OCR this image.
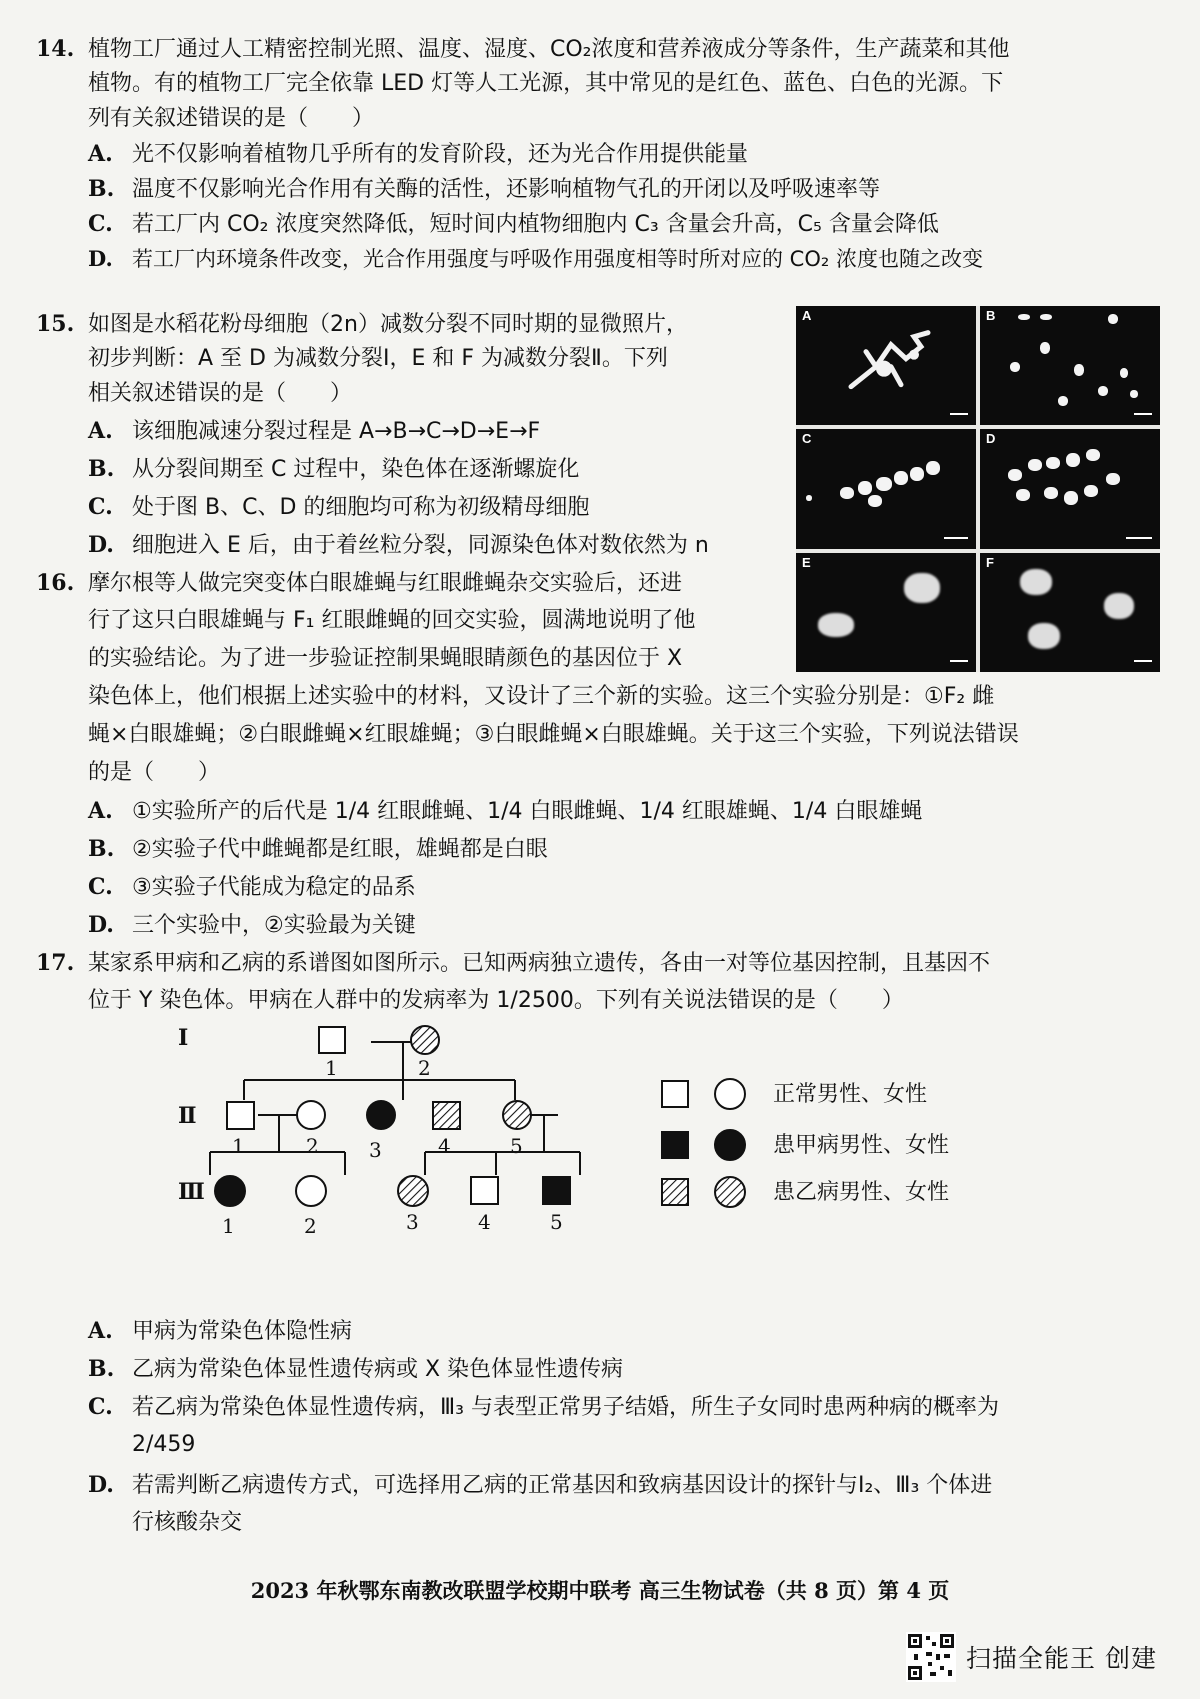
14. 植物工厂通过人工精密控制光照、温度、湿度、CO₂浓度和营养液成分等条件，生产蔬菜和其他
植物。有的植物工厂完全依靠 LED 灯等人工光源，其中常见的是红色、蓝色、白色的光源。下
列有关叙述错误的是（　　）
A. 光不仅影响着植物几乎所有的发育阶段，还为光合作用提供能量
B. 温度不仅影响光合作用有关酶的活性，还影响植物气孔的开闭以及呼吸速率等
C. 若工厂内 CO₂ 浓度突然降低，短时间内植物细胞内 C₃ 含量会升高，C₅ 含量会降低
D. 若工厂内环境条件改变，光合作用强度与呼吸作用强度相等时所对应的 CO₂ 浓度也随之改变
15. 如图是水稻花粉母细胞（2n）减数分裂不同时期的显微照片，
初步判断：A 至 D 为减数分裂Ⅰ，E 和 F 为减数分裂Ⅱ。下列
相关叙述错误的是（　　）
A. 该细胞减速分裂过程是 A→B→C→D→E→F
B. 从分裂间期至 C 过程中，染色体在逐渐螺旋化
C. 处于图 B、C、D 的细胞均可称为初级精母细胞
D. 细胞进入 E 后，由于着丝粒分裂，同源染色体对数依然为 n
A	B
C	D
E	F
16. 摩尔根等人做完突变体白眼雄蝇与红眼雌蝇杂交实验后，还进
行了这只白眼雄蝇与 F₁ 红眼雌蝇的回交实验，圆满地说明了他
的实验结论。为了进一步验证控制果蝇眼睛颜色的基因位于 X
染色体上，他们根据上述实验中的材料，又设计了三个新的实验。这三个实验分别是：①F₂ 雌
蝇×白眼雄蝇；②白眼雌蝇×红眼雄蝇；③白眼雌蝇×白眼雄蝇。关于这三个实验，下列说法错误
的是（　　）
A. ①实验所产的后代是 1/4 红眼雌蝇、1/4 白眼雌蝇、1/4 红眼雄蝇、1/4 白眼雄蝇
B. ②实验子代中雌蝇都是红眼，雄蝇都是白眼
C. ③实验子代能成为稳定的品系
D. 三个实验中，②实验最为关键
17. 某家系甲病和乙病的系谱图如图所示。已知两病独立遗传，各由一对等位基因控制，且基因不
位于 Y 染色体。甲病在人群中的发病率为 1/2500。下列有关说法错误的是（　　）
Ⅰ
Ⅱ
Ⅲ
1	2
1	2	3	4	5
1	2	3	4	5
正常男性、女性
患甲病男性、女性
患乙病男性、女性
A. 甲病为常染色体隐性病
B. 乙病为常染色体显性遗传病或 X 染色体显性遗传病
C. 若乙病为常染色体显性遗传病，Ⅲ₃ 与表型正常男子结婚，所生子女同时患两种病的概率为
2/459
D. 若需判断乙病遗传方式，可选择用乙病的正常基因和致病基因设计的探针与Ⅰ₂、Ⅲ₃ 个体进
行核酸杂交
2023 年秋鄂东南教改联盟学校期中联考 高三生物试卷（共 8 页）第 4 页
扫描全能王 创建
